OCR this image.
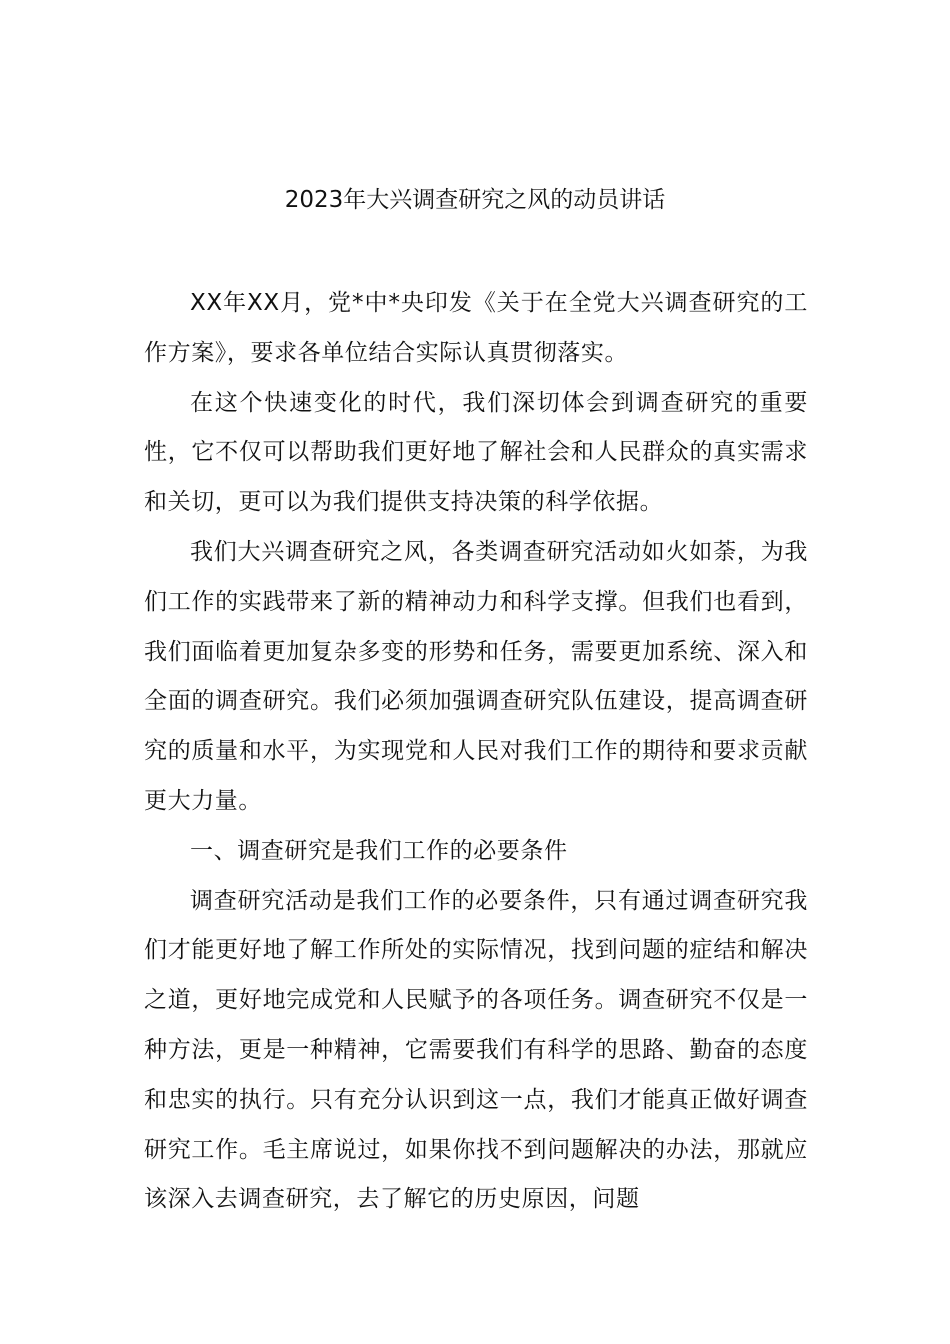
2023年大兴调查研究之风的动员讲话

XX年XX月，党*中*央印发《关于在全党大兴调查研究的工作方案》，要求各单位结合实际认真贯彻落实。

在这个快速变化的时代，我们深切体会到调查研究的重要性，它不仅可以帮助我们更好地了解社会和人民群众的真实需求和关切，更可以为我们提供支持决策的科学依据。

我们大兴调查研究之风，各类调查研究活动如火如荼，为我们工作的实践带来了新的精神动力和科学支撑。但我们也看到，我们面临着更加复杂多变的形势和任务，需要更加系统、深入和全面的调查研究。我们必须加强调查研究队伍建设，提高调查研究的质量和水平，为实现党和人民对我们工作的期待和要求贡献更大力量。

一、调查研究是我们工作的必要条件

调查研究活动是我们工作的必要条件，只有通过调查研究我们才能更好地了解工作所处的实际情况，找到问题的症结和解决之道，更好地完成党和人民赋予的各项任务。调查研究不仅是一种方法，更是一种精神，它需要我们有科学的思路、勤奋的态度和忠实的执行。只有充分认识到这一点，我们才能真正做好调查研究工作。毛主席说过，如果你找不到问题解决的办法，那就应该深入去调查研究，去了解它的历史原因，问题
